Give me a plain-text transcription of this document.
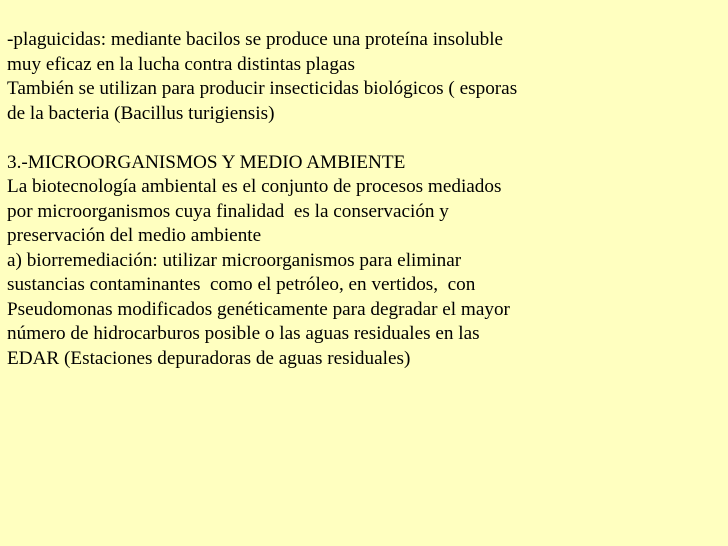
-plaguicidas: mediante bacilos se produce una proteína insoluble
muy eficaz en la lucha contra distintas plagas
También se utilizan para producir insecticidas biológicos ( esporas
de la bacteria (Bacillus turigiensis)
3.-MICROORGANISMOS Y MEDIO AMBIENTE
La biotecnología ambiental es el conjunto de procesos mediados
por microorganismos cuya finalidad  es la conservación y
preservación del medio ambiente
a) biorremediación: utilizar microorganismos para eliminar
sustancias contaminantes  como el petróleo, en vertidos,  con
Pseudomonas modificados genéticamente para degradar el mayor
número de hidrocarburos posible o las aguas residuales en las
EDAR (Estaciones depuradoras de aguas residuales)
